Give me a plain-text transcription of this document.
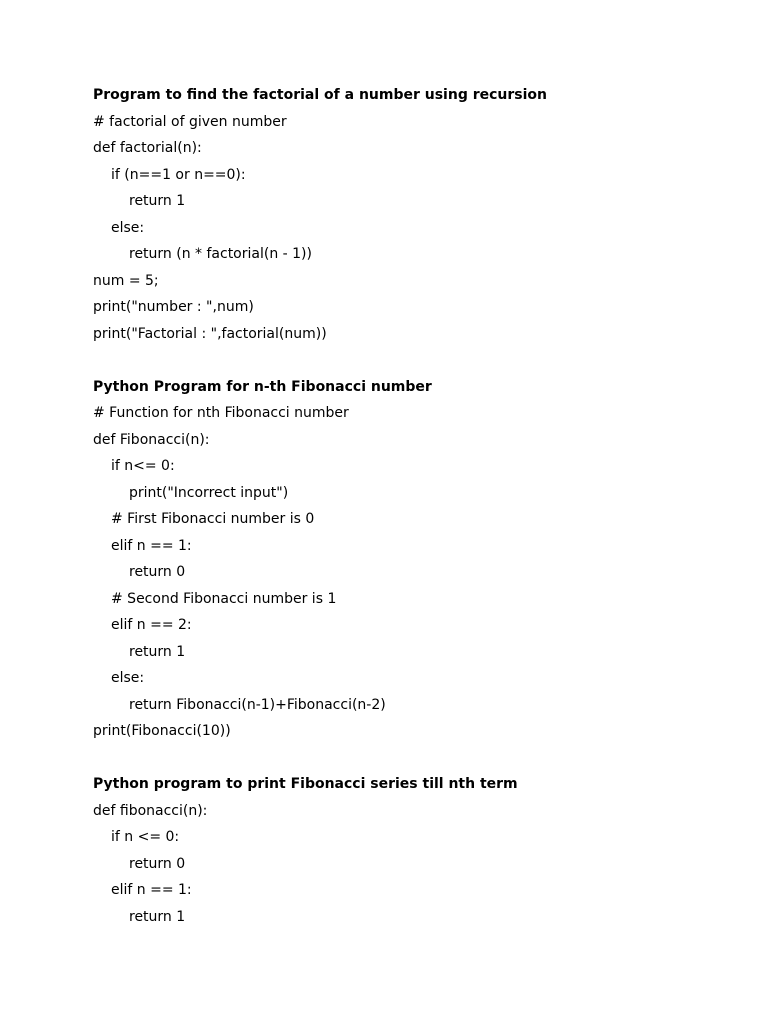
Program to find the factorial of a number using recursion
# factorial of given number
def factorial(n):
if (n==1 or n==0):
return 1
else:
return (n * factorial(n - 1))
num = 5;
print("number : ",num)
print("Factorial : ",factorial(num))
Python Program for n-th Fibonacci number
# Function for nth Fibonacci number
def Fibonacci(n):
if n<= 0:
print("Incorrect input")
# First Fibonacci number is 0
elif n == 1:
return 0
# Second Fibonacci number is 1
elif n == 2:
return 1
else:
return Fibonacci(n-1)+Fibonacci(n-2)
print(Fibonacci(10))
Python program to print Fibonacci series till nth term
def fibonacci(n):
if n <= 0:
return 0
elif n == 1:
return 1
